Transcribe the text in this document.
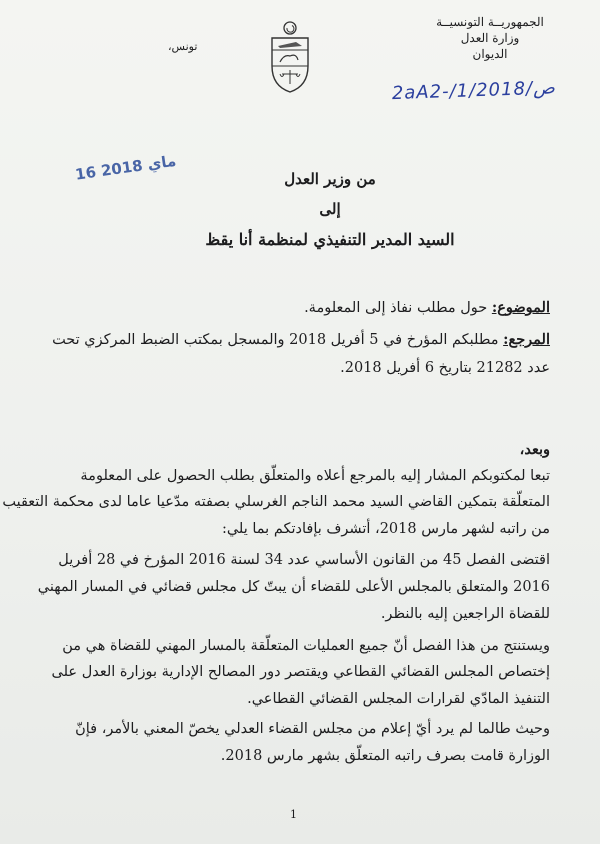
الجمهوريــة التونسيــة
وزارة العدل
الديوان
2aA2-/1/2018/ص
تونس،
16 ماي 2018
من وزير العدل
إلى
السيد المدير التنفيذي لمنظمة أنا يقظ
الموضوع: حول مطلب نفاذ إلى المعلومة.
المرجع: مطلبكم المؤرخ في 5 أفريل 2018 والمسجل بمكتب الضبط المركزي تحت
عدد 21282 بتاريخ 6 أفريل 2018.
وبعد،
تبعا لمكتوبكم المشار إليه بالمرجع أعلاه والمتعلّق بطلب الحصول على المعلومة
المتعلّقة بتمكين القاضي السيد محمد الناجم الغرسلي بصفته مدّعيا عاما لدى محكمة التعقيب
من راتبه لشهر مارس 2018، أتشرف بإفادتكم بما يلي:
اقتضى الفصل 45 من القانون الأساسي عدد 34 لسنة 2016 المؤرخ في 28 أفريل
2016 والمتعلق بالمجلس الأعلى للقضاء أن يبتّ كل مجلس قضائي في المسار المهني
للقضاة الراجعين إليه بالنظر.
ويستنتج من هذا الفصل أنّ جميع العمليات المتعلّقة بالمسار المهني للقضاة هي من
إختصاص المجلس القضائي القطاعي ويقتصر دور المصالح الإدارية بوزارة العدل على
التنفيذ المادّي لقرارات المجلس القضائي القطاعي.
وحيث طالما لم يرد أيّ إعلام من مجلس القضاء العدلي يخصّ المعني بالأمر، فإنّ
الوزارة قامت بصرف راتبه المتعلّق بشهر مارس 2018.
1
